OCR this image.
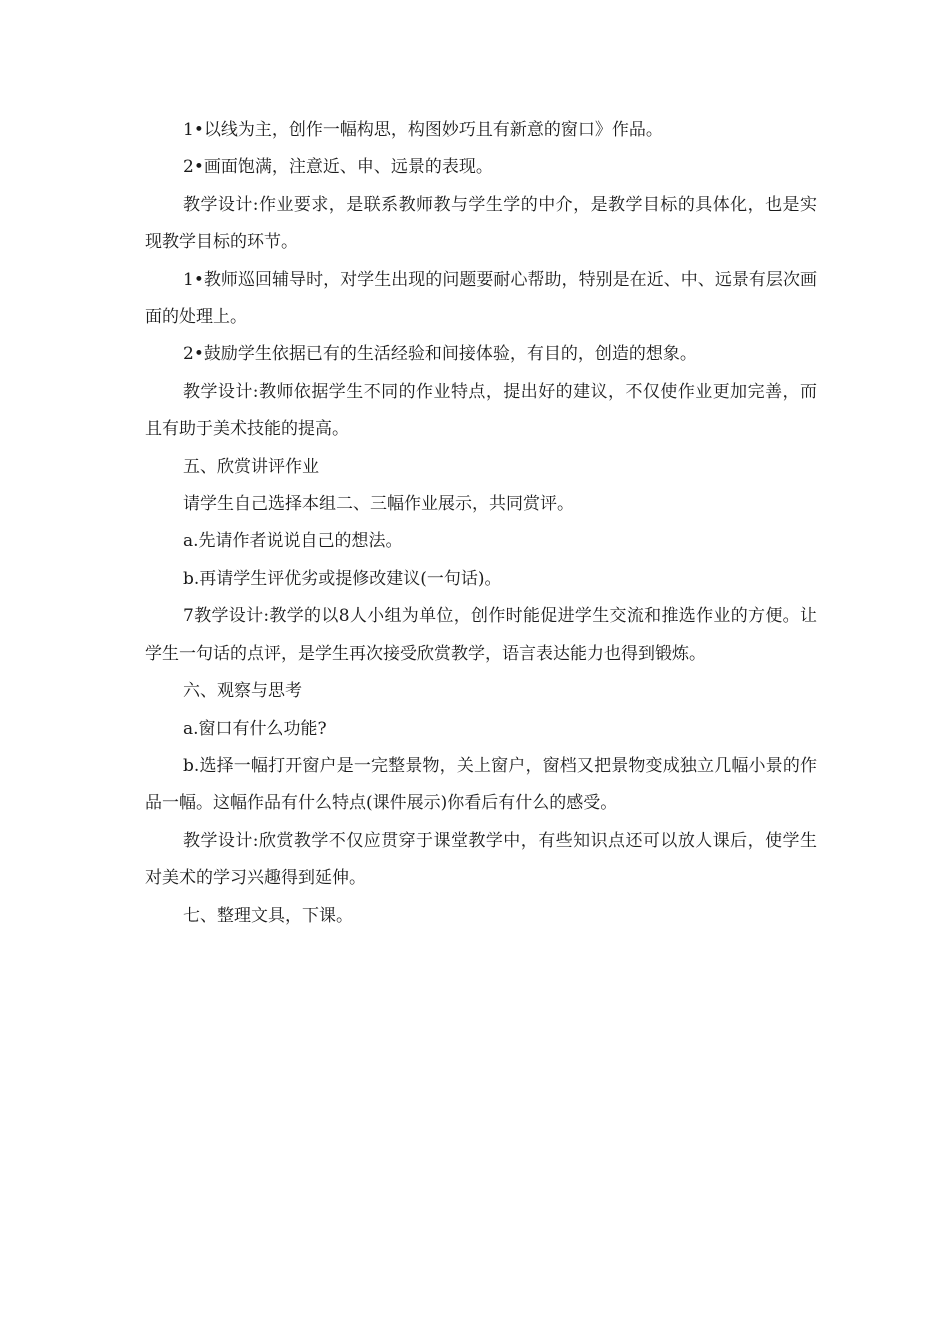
1•以线为主，创作一幅构思，构图妙巧且有新意的窗口》作品。

2•画面饱满，注意近、申、远景的表现。

教学设计:作业要求，是联系教师教与学生学的中介，是教学目标的具体化，也是实现教学目标的环节。

1•教师巡回辅导时，对学生出现的问题要耐心帮助，特别是在近、中、远景有层次画面的处理上。

2•鼓励学生依据已有的生活经验和间接体验，有目的，创造的想象。

教学设计:教师依据学生不同的作业特点，提出好的建议，不仅使作业更加完善，而且有助于美术技能的提高。

五、欣赏讲评作业

请学生自己选择本组二、三幅作业展示，共同赏评。

a.先请作者说说自己的想法。

b.再请学生评优劣或提修改建议(一句话)。

7教学设计:教学的以8人小组为单位，创作时能促进学生交流和推选作业的方便。让学生一句话的点评，是学生再次接受欣赏教学，语言表达能力也得到锻炼。

六、观察与思考

a.窗口有什么功能?

b.选择一幅打开窗户是一完整景物，关上窗户，窗档又把景物变成独立几幅小景的作品一幅。这幅作品有什么特点(课件展示)你看后有什么的感受。

教学设计:欣赏教学不仅应贯穿于课堂教学中，有些知识点还可以放人课后，使学生对美术的学习兴趣得到延伸。

七、整理文具，下课。
